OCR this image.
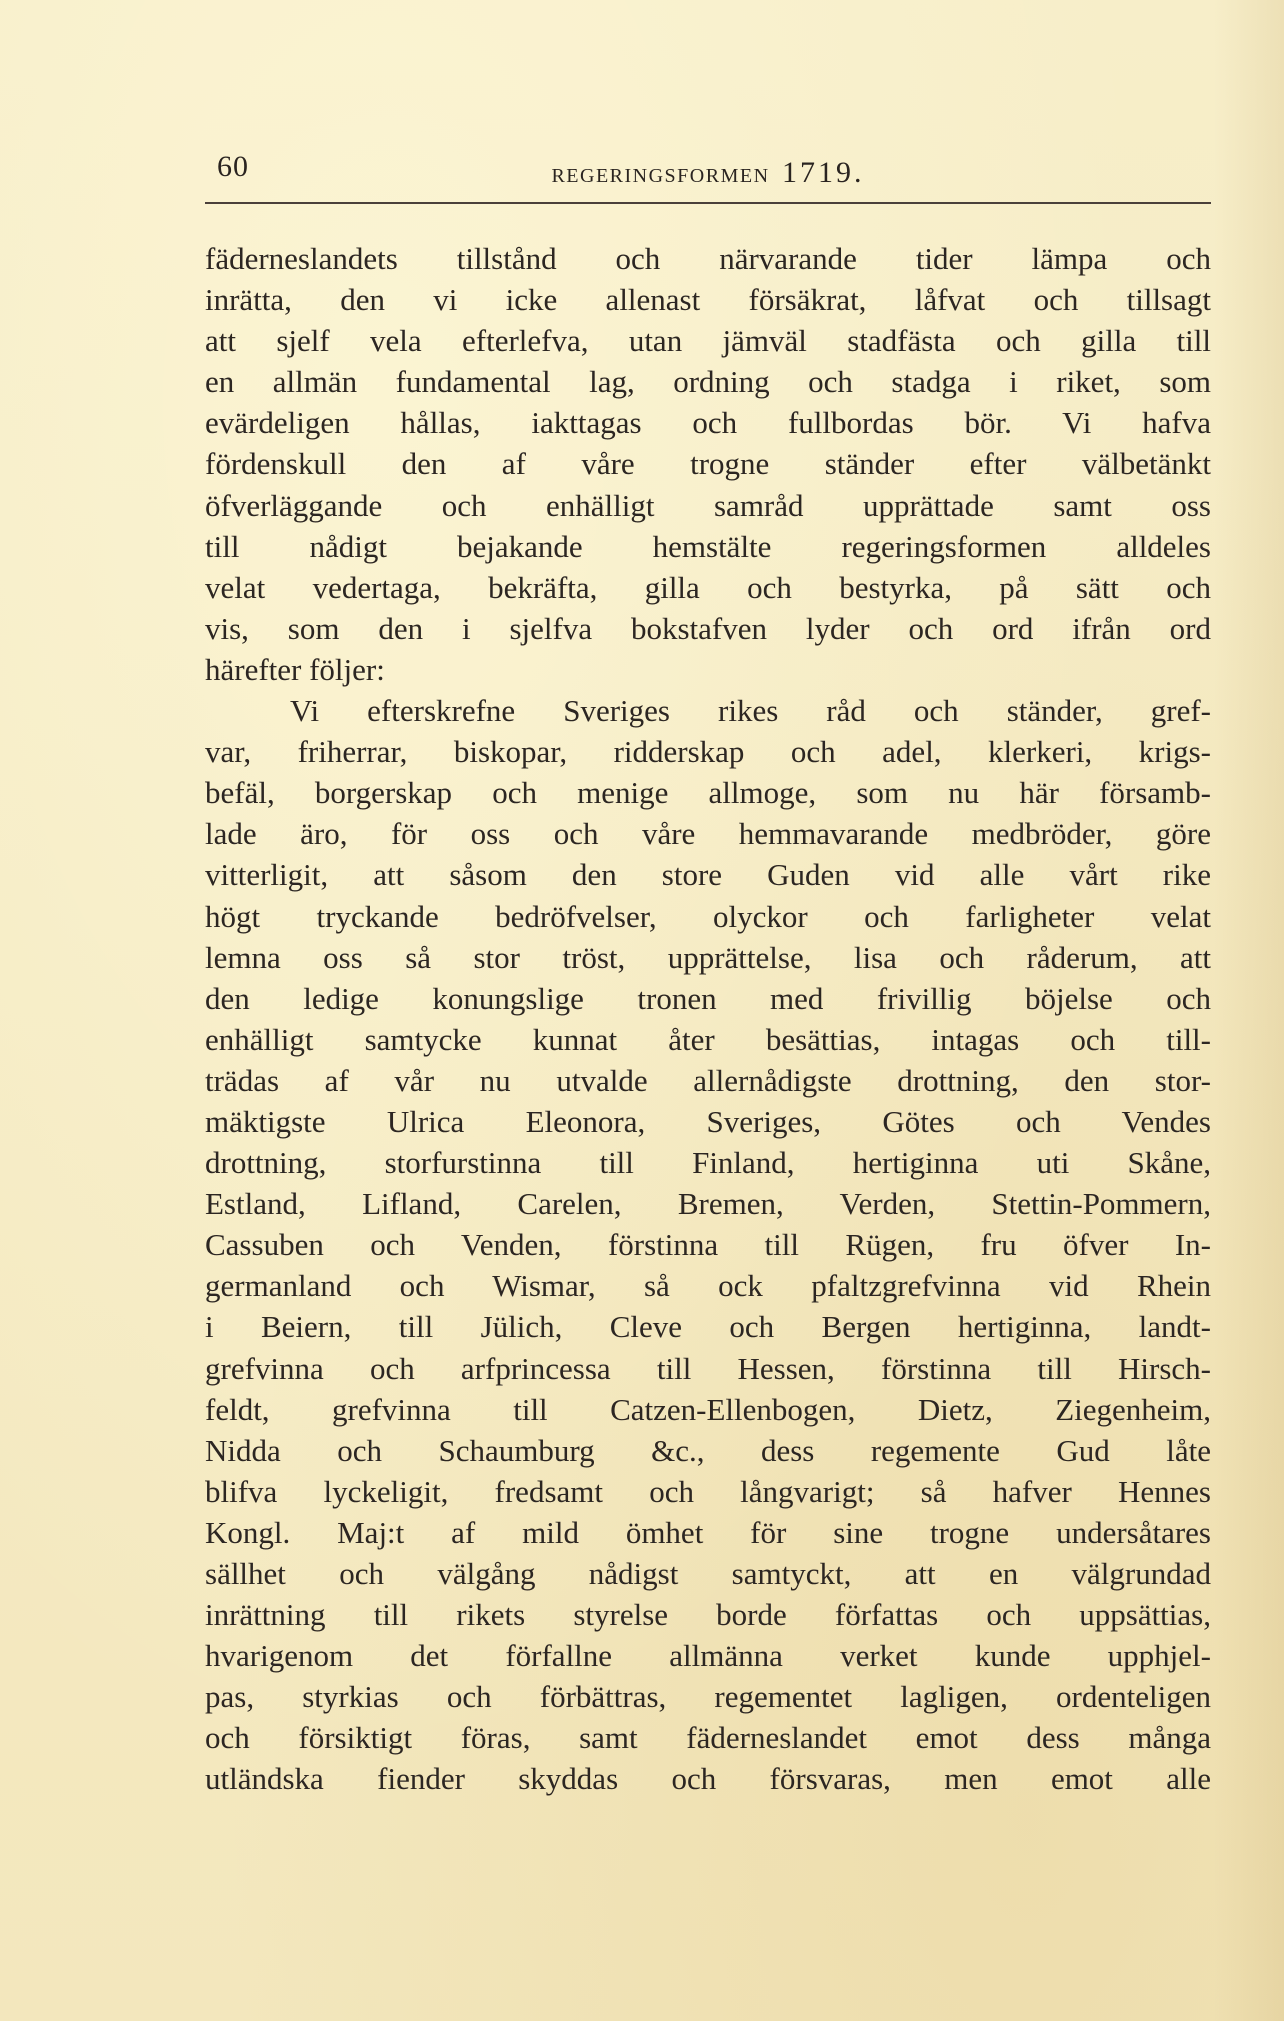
60	REGERINGSFORMEN 1719.
fäderneslandets tillstånd och närvarande tider lämpa och
inrätta, den vi icke allenast försäkrat, låfvat och tillsagt
att sjelf vela efterlefva, utan jämväl stadfästa och gilla till
en allmän fundamental lag, ordning och stadga i riket, som
evärdeligen hållas, iakttagas och fullbordas bör. Vi hafva
fördenskull den af våre trogne ständer efter välbetänkt
öfverläggande och enhälligt samråd upprättade samt oss
till nådigt bejakande hemstälte regeringsformen alldeles
velat vedertaga, bekräfta, gilla och bestyrka, på sätt och
vis, som den i sjelfva bokstafven lyder och ord ifrån ord
härefter följer:
Vi efterskrefne Sveriges rikes råd och ständer, gref-
var, friherrar, biskopar, ridderskap och adel, klerkeri, krigs-
befäl, borgerskap och menige allmoge, som nu här församb-
lade äro, för oss och våre hemmavarande medbröder, göre
vitterligit, att såsom den store Guden vid alle vårt rike
högt tryckande bedröfvelser, olyckor och farligheter velat
lemna oss så stor tröst, upprättelse, lisa och råderum, att
den ledige konungslige tronen med frivillig böjelse och
enhälligt samtycke kunnat åter besättias, intagas och till-
trädas af vår nu utvalde allernådigste drottning, den stor-
mäktigste Ulrica Eleonora, Sveriges, Götes och Vendes
drottning, storfurstinna till Finland, hertiginna uti Skåne,
Estland, Lifland, Carelen, Bremen, Verden, Stettin-Pommern,
Cassuben och Venden, förstinna till Rügen, fru öfver In-
germanland och Wismar, så ock pfaltzgrefvinna vid Rhein
i Beiern, till Jülich, Cleve och Bergen hertiginna, landt-
grefvinna och arfprincessa till Hessen, förstinna till Hirsch-
feldt, grefvinna till Catzen-Ellenbogen, Dietz, Ziegenheim,
Nidda och Schaumburg &c., dess regemente Gud låte
blifva lyckeligit, fredsamt och långvarigt; så hafver Hennes
Kongl. Maj:t af mild ömhet för sine trogne undersåtares
sällhet och välgång nådigst samtyckt, att en välgrundad
inrättning till rikets styrelse borde författas och uppsättias,
hvarigenom det förfallne allmänna verket kunde upphjel-
pas, styrkias och förbättras, regementet lagligen, ordenteligen
och försiktigt föras, samt fäderneslandet emot dess många
utländska fiender skyddas och försvaras, men emot alle
